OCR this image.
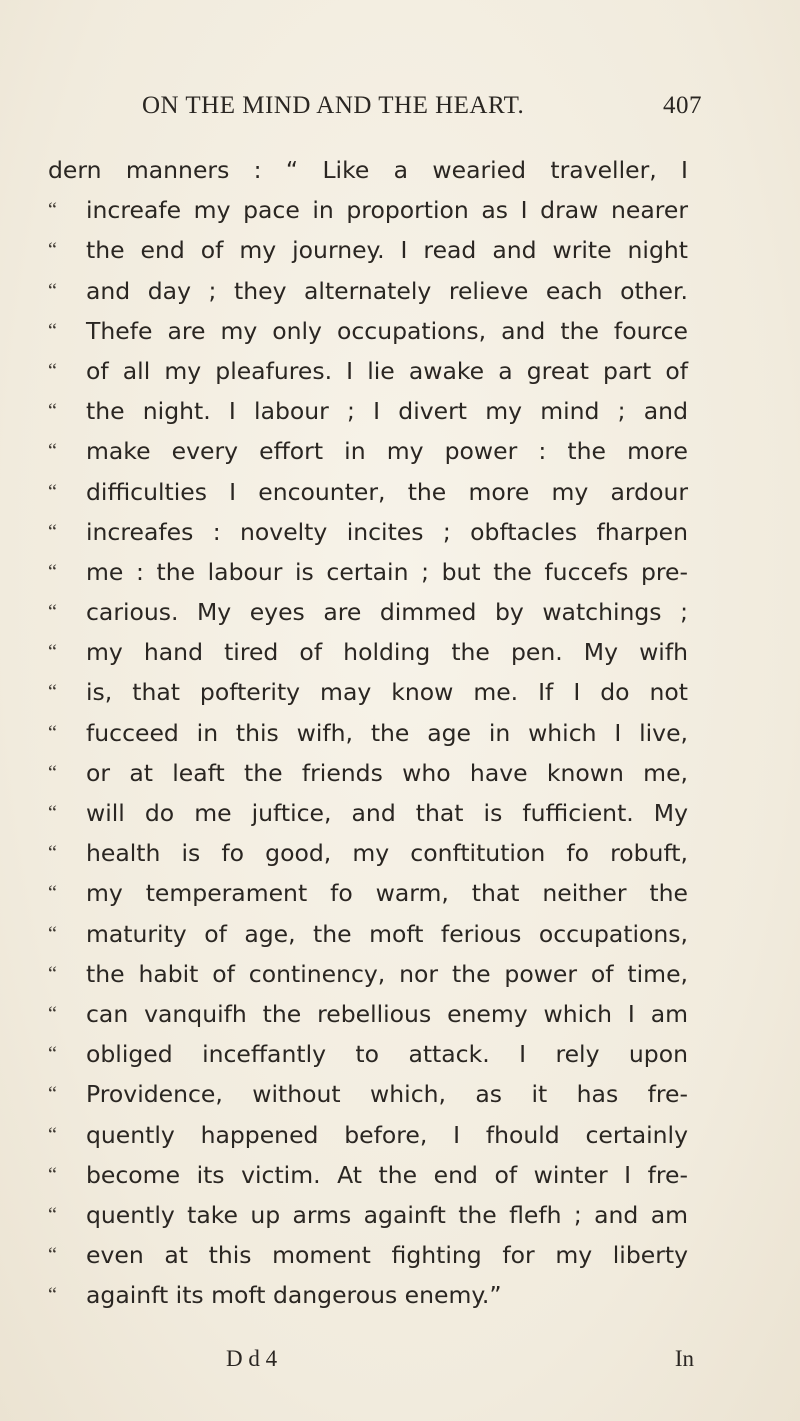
ON THE MIND AND THE HEART.	407
dern manners : “ Like a wearied traveller, I
“	increafe my pace in proportion as I draw nearer
“	the end of my journey. I read and write night
“	and day ; they alternately relieve each other.
“	Thefe are my only occupations, and the fource
“	of all my pleafures. I lie awake a great part of
“	the night. I labour ; I divert my mind ; and
“	make every effort in my power : the more
“	difficulties I encounter, the more my ardour
“	increafes : novelty incites ; obftacles fharpen
“	me : the labour is certain ; but the fuccefs pre-
“	carious. My eyes are dimmed by watchings ;
“	my hand tired of holding the pen. My wifh
“	is, that pofterity may know me. If I do not
“	fucceed in this wifh, the age in which I live,
“	or at leaft the friends who have known me,
“	will do me juftice, and that is fufficient. My
“	health is fo good, my conftitution fo robuft,
“	my temperament fo warm, that neither the
“	maturity of age, the moft ferious occupations,
“	the habit of continency, nor the power of time,
“	can vanquifh the rebellious enemy which I am
“	obliged inceffantly to attack. I rely upon
“	Providence, without which, as it has fre-
“	quently happened before, I fhould certainly
“	become its victim. At the end of winter I fre-
“	quently take up arms againft the flefh ; and am
“	even at this moment fighting for my liberty
“	againft its moft dangerous enemy.”
D d 4	In
